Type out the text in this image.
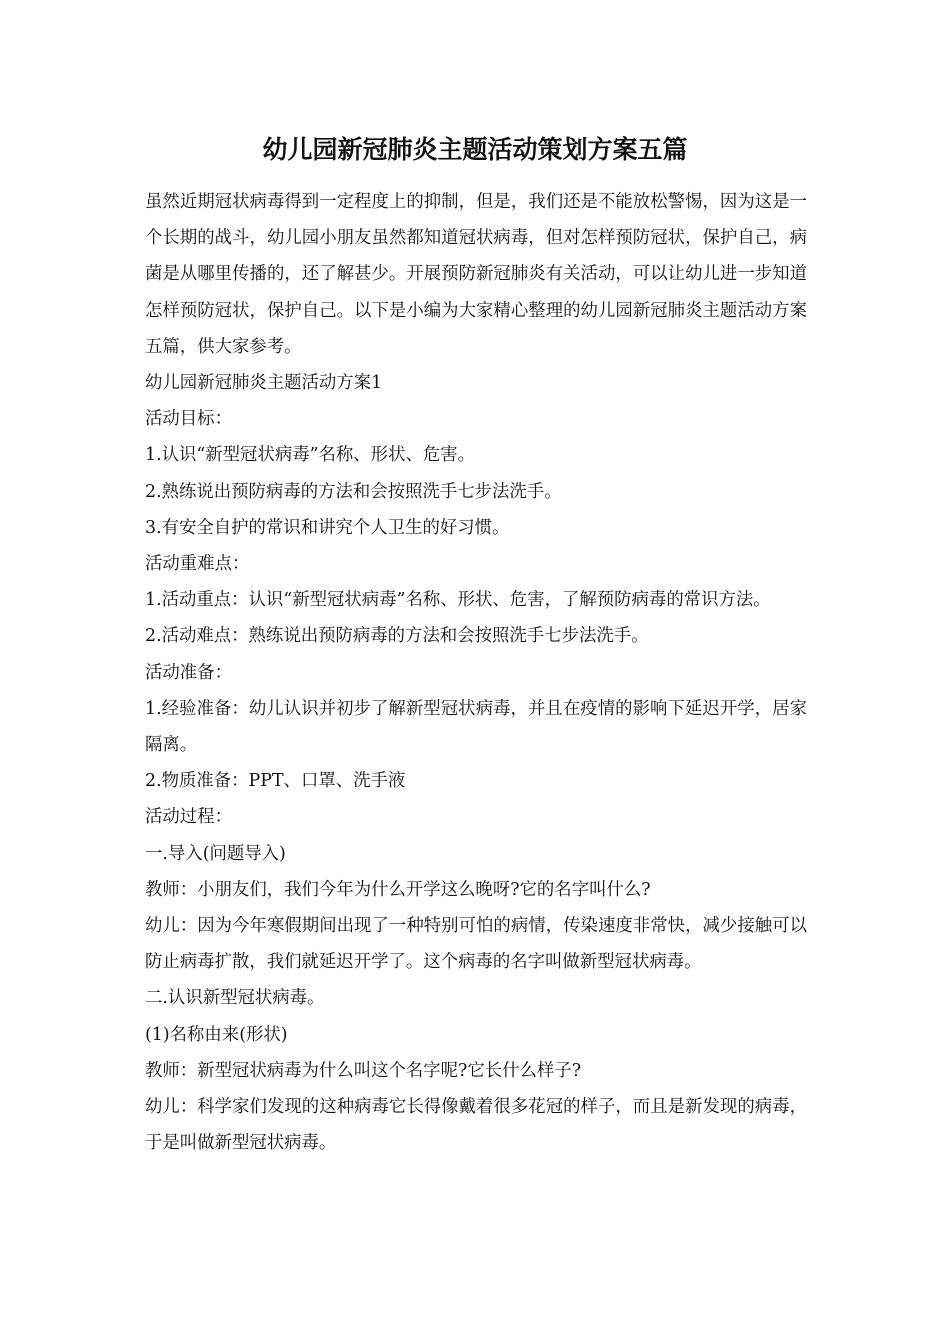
幼儿园新冠肺炎主题活动策划方案五篇

虽然近期冠状病毒得到一定程度上的抑制，但是，我们还是不能放松警惕，因为这是一个长期的战斗，幼儿园小朋友虽然都知道冠状病毒，但对怎样预防冠状，保护自己，病菌是从哪里传播的，还了解甚少。开展预防新冠肺炎有关活动，可以让幼儿进一步知道怎样预防冠状，保护自己。以下是小编为大家精心整理的幼儿园新冠肺炎主题活动方案五篇，供大家参考。

幼儿园新冠肺炎主题活动方案1

活动目标：

1.认识“新型冠状病毒”名称、形状、危害。

2.熟练说出预防病毒的方法和会按照洗手七步法洗手。

3.有安全自护的常识和讲究个人卫生的好习惯。

活动重难点：

1.活动重点：认识“新型冠状病毒”名称、形状、危害，了解预防病毒的常识方法。

2.活动难点：熟练说出预防病毒的方法和会按照洗手七步法洗手。

活动准备：

1.经验准备：幼儿认识并初步了解新型冠状病毒，并且在疫情的影响下延迟开学，居家隔离。

2.物质准备：PPT、口罩、洗手液

活动过程：

一.导入(问题导入)

教师：小朋友们，我们今年为什么开学这么晚呀?它的名字叫什么?

幼儿：因为今年寒假期间出现了一种特别可怕的病情，传染速度非常快，减少接触可以防止病毒扩散，我们就延迟开学了。这个病毒的名字叫做新型冠状病毒。

二.认识新型冠状病毒。

(1)名称由来(形状)

教师：新型冠状病毒为什么叫这个名字呢?它长什么样子?

幼儿：科学家们发现的这种病毒它长得像戴着很多花冠的样子，而且是新发现的病毒，于是叫做新型冠状病毒。
